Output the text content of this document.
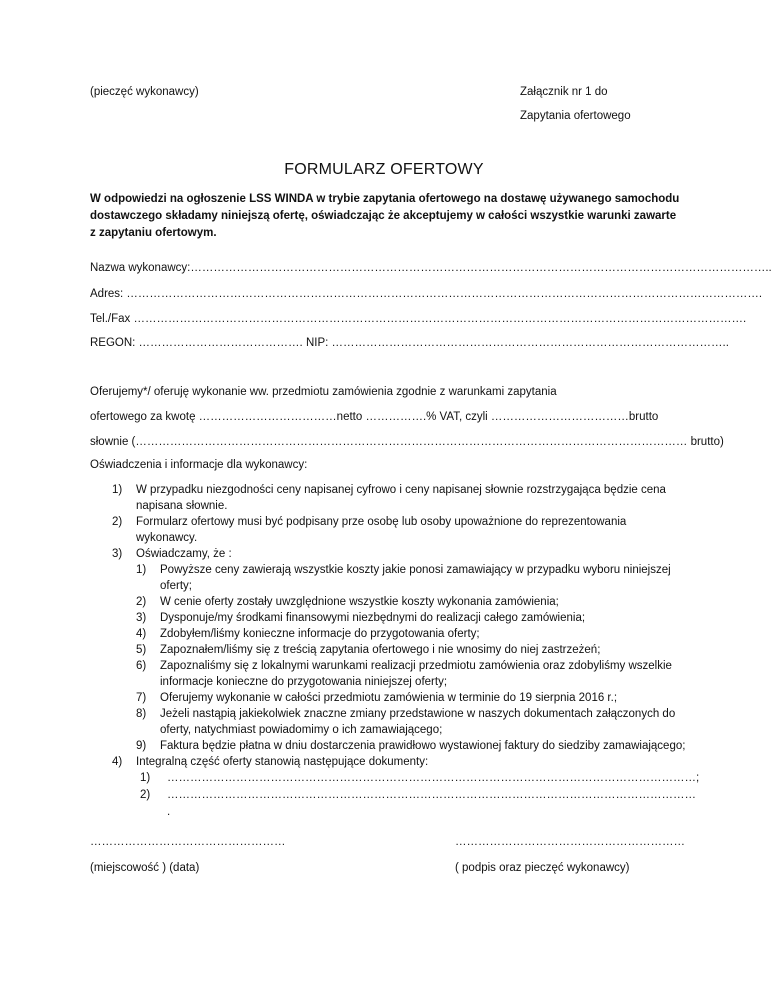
(pieczęć wykonawcy)	Załącznik nr 1 do
Zapytania ofertowego
FORMULARZ OFERTOWY
W odpowiedzi na ogłoszenie LSS WINDA w trybie zapytania ofertowego na dostawę używanego samochodu dostawczego składamy niniejszą ofertę, oświadczając że akceptujemy w całości wszystkie warunki zawarte z zapytaniu ofertowym.
Nazwa wykonawcy:……………………………………………………………………………………………………………………………………..
Adres: ………………………………………………………………………………………………………………………………………………….
Tel./Fax …………………………………………………………………………………………………………………………………………….
REGON: ……………………………………. NIP: …………………………………………………………………………………………..
Oferujemy*/ oferuję wykonanie ww. przedmiotu zamówienia zgodnie z warunkami zapytania
ofertowego za kwotę ………………………………netto …………….% VAT, czyli ………………………………brutto
słownie (……………………………………………………………………………………………………………………………… brutto)
Oświadczenia i informacje dla wykonawcy:
1) W przypadku niezgodności ceny napisanej cyfrowo i ceny napisanej słownie rozstrzygająca będzie cena napisana słownie.
2) Formularz ofertowy musi być podpisany prze osobę lub osoby upoważnione do reprezentowania wykonawcy.
3) Oświadczamy, że :
1) Powyższe ceny zawierają wszystkie koszty jakie ponosi zamawiający w przypadku wyboru niniejszej oferty;
2) W cenie oferty zostały uwzględnione wszystkie koszty wykonania zamówienia;
3) Dysponuje/my środkami finansowymi niezbędnymi do realizacji całego zamówienia;
4) Zdobyłem/liśmy konieczne informacje do przygotowania oferty;
5) Zapoznałem/liśmy się z treścią zapytania ofertowego i nie wnosimy do niej zastrzeżeń;
6) Zapoznaliśmy się z lokalnymi warunkami realizacji przedmiotu zamówienia oraz zdobyliśmy wszelkie informacje konieczne do przygotowania niniejszej oferty;
7) Oferujemy wykonanie w całości przedmiotu zamówienia w terminie do 19 sierpnia 2016 r.;
8) Jeżeli nastąpią jakiekolwiek znaczne zmiany przedstawione w naszych dokumentach załączonych do oferty, natychmiast powiadomimy o ich zamawiającego;
9) Faktura będzie płatna w dniu dostarczenia prawidłowo wystawionej faktury do siedziby zamawiającego;
4) Integralną część oferty stanowią następujące dokumenty:
1) …………………………………………………………………………………………………………………………;
2) ………………………………………………………………………………………………………………………… .
……………………………………………	……………………………………………………
(miejscowość ) (data)	( podpis oraz pieczęć wykonawcy)
